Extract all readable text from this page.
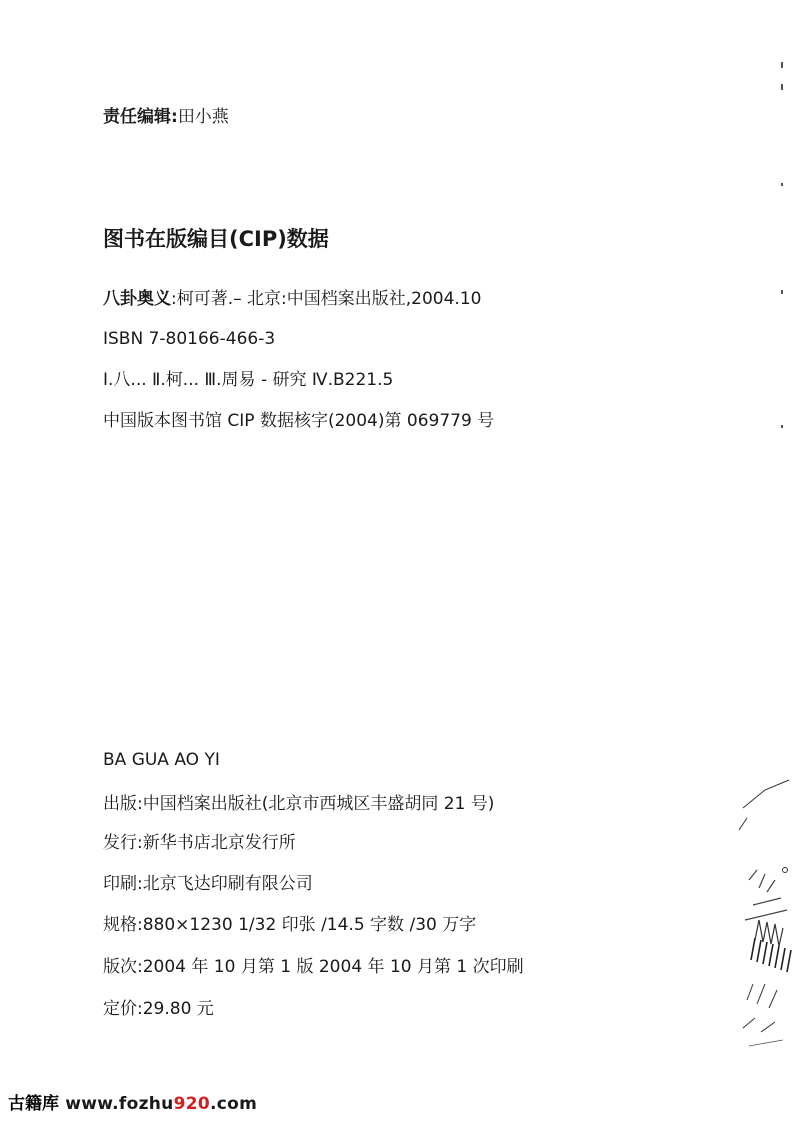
责任编辑:田小燕
图书在版编目(CIP)数据
八卦奥义:柯可著.– 北京:中国档案出版社,2004.10
ISBN 7-80166-466-3
Ⅰ.八... Ⅱ.柯... Ⅲ.周易 - 研究 Ⅳ.B221.5
中国版本图书馆 CIP 数据核字(2004)第 069779 号
BA GUA AO YI
出版:中国档案出版社(北京市西城区丰盛胡同 21 号)
发行:新华书店北京发行所
印刷:北京飞达印刷有限公司
规格:880×1230 1/32 印张 /14.5 字数 /30 万字
版次:2004 年 10 月第 1 版 2004 年 10 月第 1 次印刷
定价:29.80 元
古籍库 www.fozhu920.com
